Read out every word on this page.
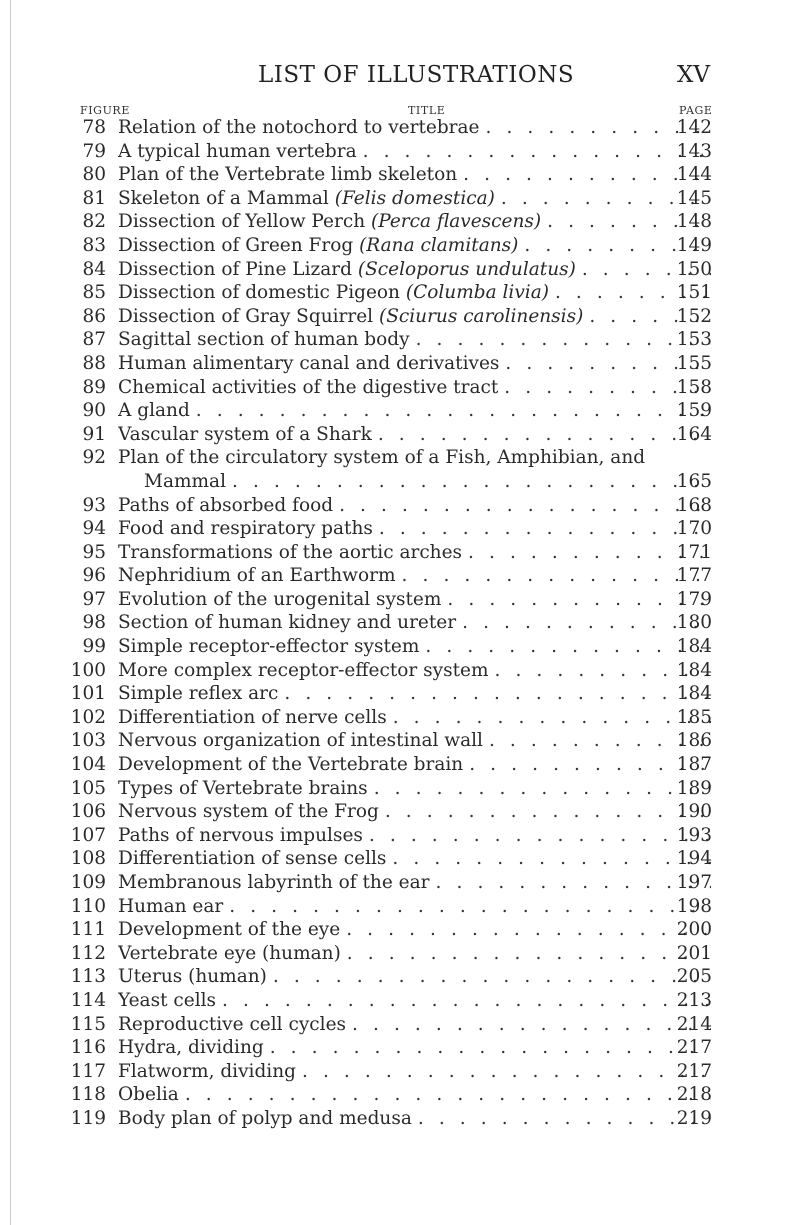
LIST OF ILLUSTRATIONS	XV
FIGURE	TITLE	PAGE
78 Relation of the notochord to vertebrae . . .	142
79 A typical human vertebra . . .	143
80 Plan of the Vertebrate limb skeleton . . .	144
81 Skeleton of a Mammal (Felis domestica) . . .	145
82 Dissection of Yellow Perch (Perca flavescens) . . .	148
83 Dissection of Green Frog (Rana clamitans) . . .	149
84 Dissection of Pine Lizard (Sceloporus undulatus) . . .	150
85 Dissection of domestic Pigeon (Columba livia) . . .	151
86 Dissection of Gray Squirrel (Sciurus carolinensis) . . .	152
87 Sagittal section of human body . . .	153
88 Human alimentary canal and derivatives . . .	155
89 Chemical activities of the digestive tract . . .	158
90 A gland . . .	159
91 Vascular system of a Shark . . .	164
92 Plan of the circulatory system of a Fish, Amphibian, and
Mammal . . .	165
93 Paths of absorbed food . . .	168
94 Food and respiratory paths . . .	170
95 Transformations of the aortic arches . . .	171
96 Nephridium of an Earthworm . . .	177
97 Evolution of the urogenital system . . .	179
98 Section of human kidney and ureter . . .	180
99 Simple receptor-effector system . . .	184
100 More complex receptor-effector system . . .	184
101 Simple reflex arc . . .	184
102 Differentiation of nerve cells . . .	185
103 Nervous organization of intestinal wall . . .	186
104 Development of the Vertebrate brain . . .	187
105 Types of Vertebrate brains . . .	189
106 Nervous system of the Frog . . .	190
107 Paths of nervous impulses . . .	193
108 Differentiation of sense cells . . .	194
109 Membranous labyrinth of the ear . . .	197
110 Human ear . . .	198
111 Development of the eye . . .	200
112 Vertebrate eye (human) . . .	201
113 Uterus (human) . . .	205
114 Yeast cells . . .	213
115 Reproductive cell cycles . . .	214
116 Hydra, dividing . . .	217
117 Flatworm, dividing . . .	217
118 Obelia . . .	218
119 Body plan of polyp and medusa . . .	219
